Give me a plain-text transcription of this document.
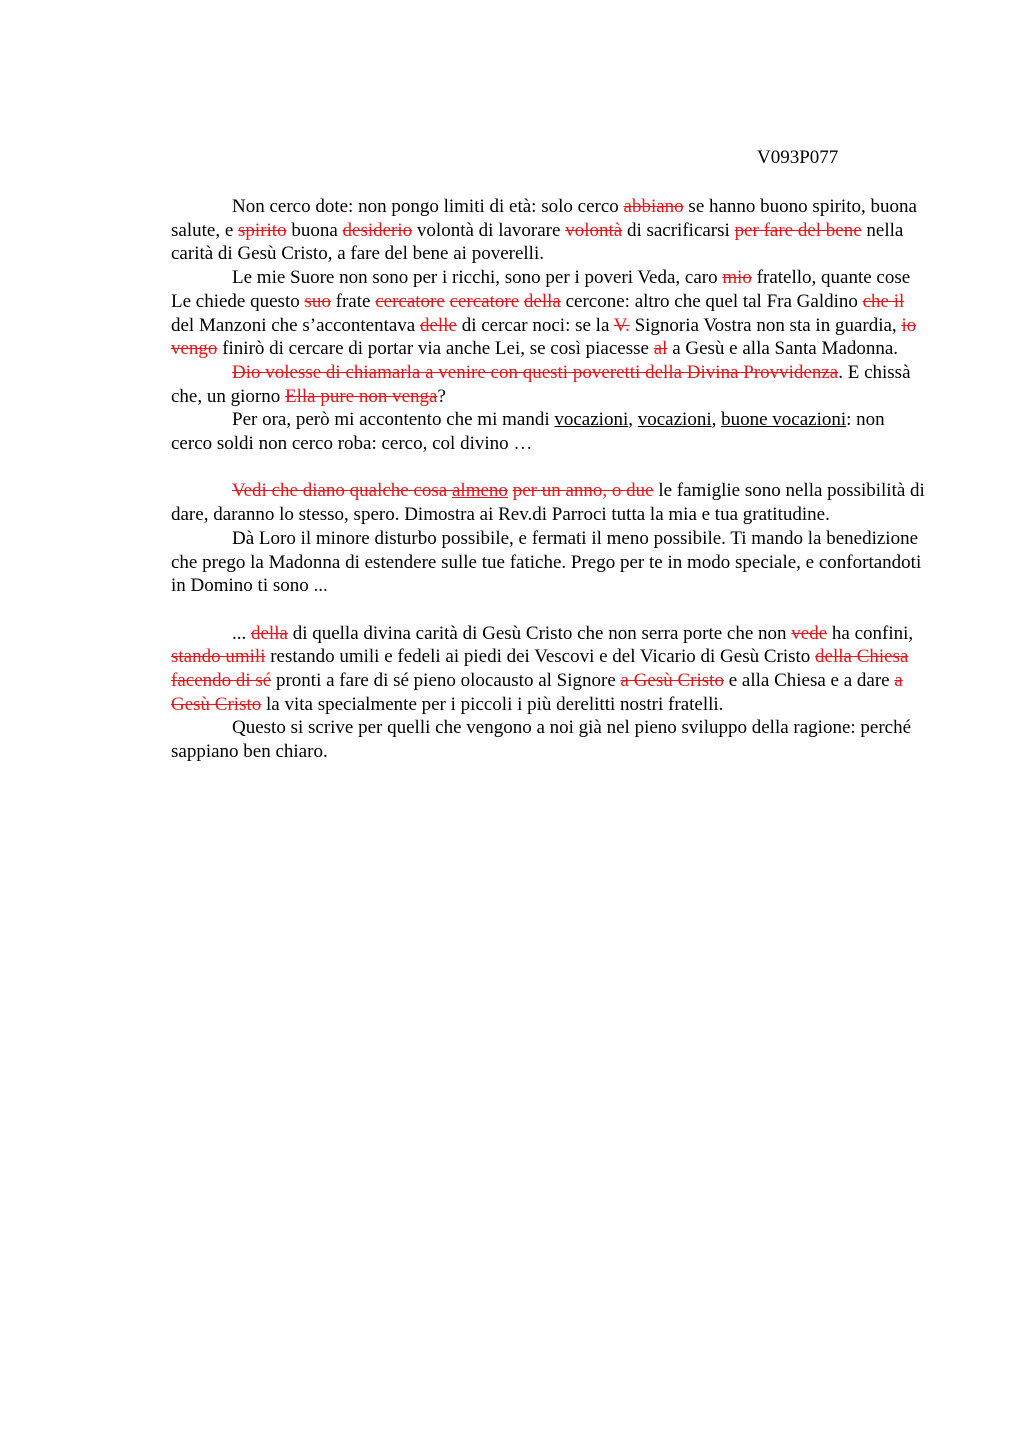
V093P077

Non cerco dote: non pongo limiti di età: solo cerco abbiano se hanno buono spirito, buona salute, e spirito buona desiderio volontà di lavorare volontà di sacrificarsi per fare del bene nella carità di Gesù Cristo, a fare del bene ai poverelli.

Le mie Suore non sono per i ricchi, sono per i poveri Veda, caro mio fratello, quante cose Le chiede questo suo frate cercatore cercatore della cercone: altro che quel tal Fra Galdino che il del Manzoni che s’accontentava delle di cercar noci: se la V. Signoria Vostra non sta in guardia, io vengo finirò di cercare di portar via anche Lei, se così piacesse al a Gesù e alla Santa Madonna.

Dio volesse di chiamarla a venire con questi poveretti della Divina Provvidenza. E chissà che, un giorno Ella pure non venga?

Per ora, però mi accontento che mi mandi vocazioni, vocazioni, buone vocazioni: non cerco soldi non cerco roba: cerco, col divino …

Vedi che diano qualche cosa almeno per un anno, o due le famiglie sono nella possibilità di dare, daranno lo stesso, spero. Dimostra ai Rev.di Parroci tutta la mia e tua gratitudine.

Dà Loro il minore disturbo possibile, e fermati il meno possibile. Ti mando la benedizione che prego la Madonna di estendere sulle tue fatiche. Prego per te in modo speciale, e confortandoti in Domino ti sono ...

... della di quella divina carità di Gesù Cristo che non serra porte che non vede ha confini, stando umili restando umili e fedeli ai piedi dei Vescovi e del Vicario di Gesù Cristo della Chiesa facendo di sé pronti a fare di sé pieno olocausto al Signore a Gesù Cristo e alla Chiesa e a dare a Gesù Cristo la vita specialmente per i piccoli i più derelitti nostri fratelli.

Questo si scrive per quelli che vengono a noi già nel pieno sviluppo della ragione: perché sappiano ben chiaro.
